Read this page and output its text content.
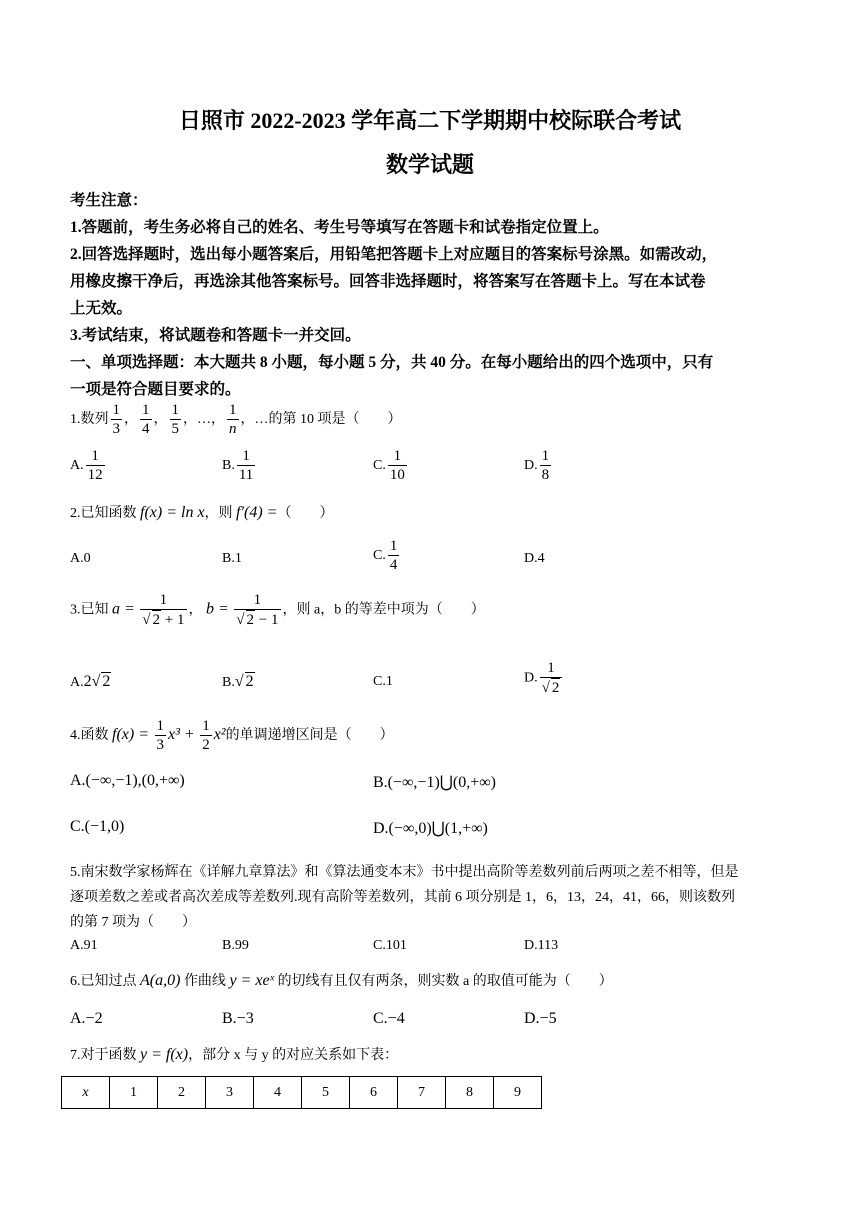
日照市 2022-2023 学年高二下学期期中校际联合考试
数学试题
考生注意：
1.答题前，考生务必将自己的姓名、考生号等填写在答题卡和试卷指定位置上。
2.回答选择题时，选出每小题答案后，用铅笔把答题卡上对应题目的答案标号涂黑。如需改动，
用橡皮擦干净后，再选涂其他答案标号。回答非选择题时，将答案写在答题卡上。写在本试卷
上无效。
3.考试结束，将试题卷和答题卡一并交回。
一、单项选择题：本大题共 8 小题，每小题 5 分，共 40 分。在每小题给出的四个选项中，只有
一项是符合题目要求的。
1.数列 $\frac{1}{3}$ ， $\frac{1}{4}$ ， $\frac{1}{5}$ ，…， $\frac{1}{n}$ ，…的第 10 项是（　　）
A. $\frac{1}{12}$	B. $\frac{1}{11}$	C. $\frac{1}{10}$	D. $\frac{1}{8}$
2.已知函数 f(x) = ln x，则 f′(4) =（　　）
A.0	B.1	C. $\frac{1}{4}$	D.4
3.已知 $a = \frac{1}{√ 2 + 1}$ ， $b = \frac{1}{√ 2 - 1}$ ，则 a，b 的等差中项为（　　）
A.2√ 2	B.√ 2	C.1	D. $\frac{1}{√ 2}$
4.函数 $f(x) = \frac{1}{3} x^3 + \frac{1}{2} x^2$的单调递增区间是（　　）
A.(−∞,−1),(0,+∞)	B.(−∞,−1)⋃(0,+∞)
C.(−1,0)	D.(−∞,0)⋃(1,+∞)
5.南宋数学家杨辉在《详解九章算法》和《算法通变本末》书中提出高阶等差数列前后两项之差不相等，但是
逐项差数之差或者高次差成等差数列.现有高阶等差数列，其前 6 项分别是 1，6，13，24，41，66，则该数列
的第 7 项为（　　）
A.91	B.99	C.101	D.113
6.已知过点 A(a,0) 作曲线 y = xeˣ 的切线有且仅有两条，则实数 a 的取值可能为（　　）
A.−2	B.−3	C.−4	D.−5
7.对于函数 y = f(x)，部分 x 与 y 的对应关系如下表：
x	1	2	3	4	5	6	7	8	9
